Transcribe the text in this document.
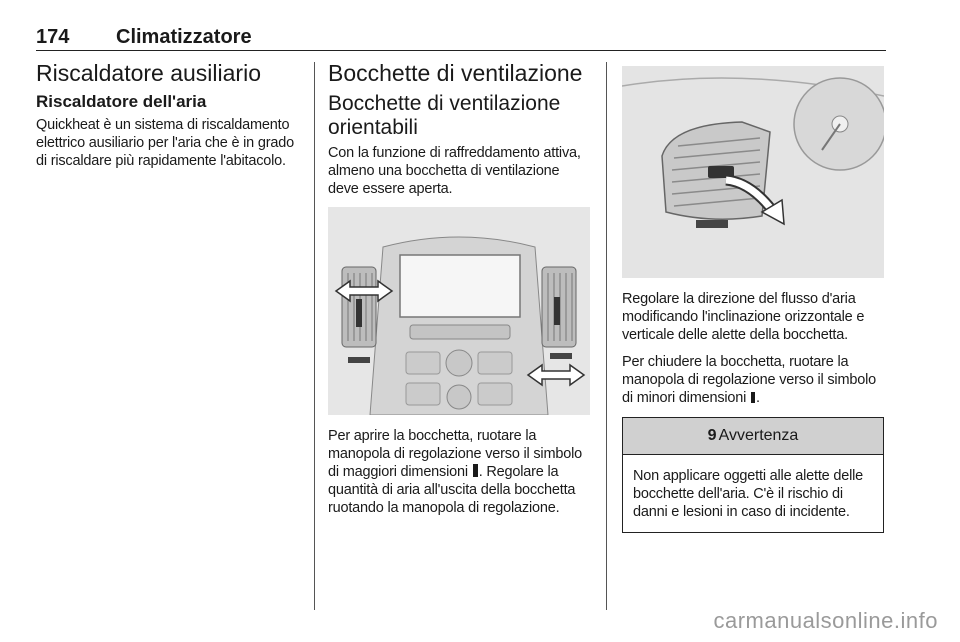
174 Climatizzatore
Riscaldatore ausiliario
Riscaldatore dell'aria

Quickheat è un sistema di riscaldamento elettrico ausiliario per l'aria che è in grado di riscaldare più rapidamente l'abitacolo.

Bocchette di ventilazione
Bocchette di ventilazione orientabili

Con la funzione di raffreddamento attiva, almeno una bocchetta di ventilazione deve essere aperta.

Per aprire la bocchetta, ruotare la manopola di regolazione verso il simbolo di maggiori dimensioni . Regolare la quantità di aria all'uscita della bocchetta ruotando la manopola di regolazione.

Regolare la direzione del flusso d'aria modificando l'inclinazione orizzontale e verticale delle alette della bocchetta.

Per chiudere la bocchetta, ruotare la manopola di regolazione verso il simbolo di minori dimensioni .

9 Avvertenza

Non applicare oggetti alle alette delle bocchette dell'aria. C'è il rischio di danni e lesioni in caso di incidente.

carmanualsonline.info
